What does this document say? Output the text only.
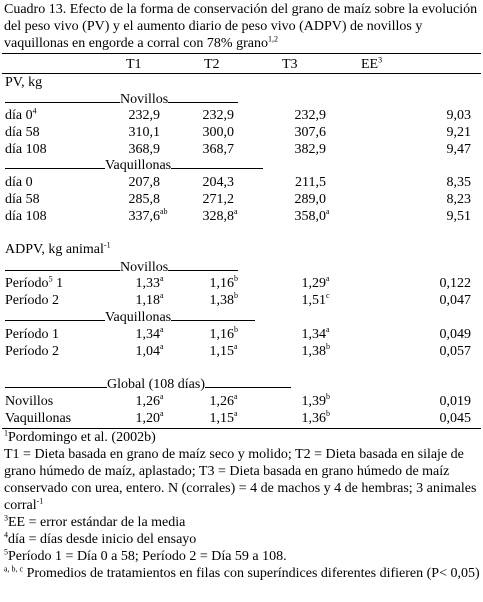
Cuadro 13. Efecto de la forma de conservación del grano de maíz sobre la evolución del peso vivo (PV) y el aumento diario de peso vivo (ADPV) de novillos y vaquillonas en engorde a corral con 78% grano$^{1,2}$
T1	T2	T3	$EE^3$
PV, kg
Novillos
día $0^4$	232,9	232,9	232,9	9,03
día 58	310,1	300,0	307,6	9,21
día 108	368,9	368,7	382,9	9,47
Vaquillonas
día 0	207,8	204,3	211,5	8,35
día 58	285,8	271,2	289,0	8,23
día 108	337,6$^{ab}$	328,8$^a$	358,0$^a$	9,51
ADPV, kg animal$^{-1}$
Novillos
Período$^5$ 1	1,33$^a$	1,16$^b$	1,29$^a$	0,122
Período 2	1,18$^a$	1,38$^b$	1,51$^c$	0,047
Vaquillonas
Período 1	1,34$^a$	1,16$^b$	1,34$^a$	0,049
Período 2	1,04$^a$	1,15$^a$	1,38$^b$	0,057
Global (108 días)
Novillos	1,26$^a$	1,26$^a$	1,39$^b$	0,019
Vaquillonas	1,20$^a$	1,15$^a$	1,36$^b$	0,045
$^1$Pordomingo et al. (2002b)
T1 = Dieta basada en grano de maíz seco y molido; T2 = Dieta basada en silaje de grano húmedo de maíz, aplastado; T3 = Dieta basada en grano húmedo de maíz conservado con urea, entero. N (corrales) = 4 de machos y 4 de hembras; 3 animales corral$^{-1}$
$^3$EE = error estándar de la media
$^4$día = días desde inicio del ensayo
$^5$Período 1 = Día 0 a 58; Período 2 = Día 59 a 108.
$^{a, b, c}$ Promedios de tratamientos en filas con superíndices diferentes difieren (P< 0,05)
